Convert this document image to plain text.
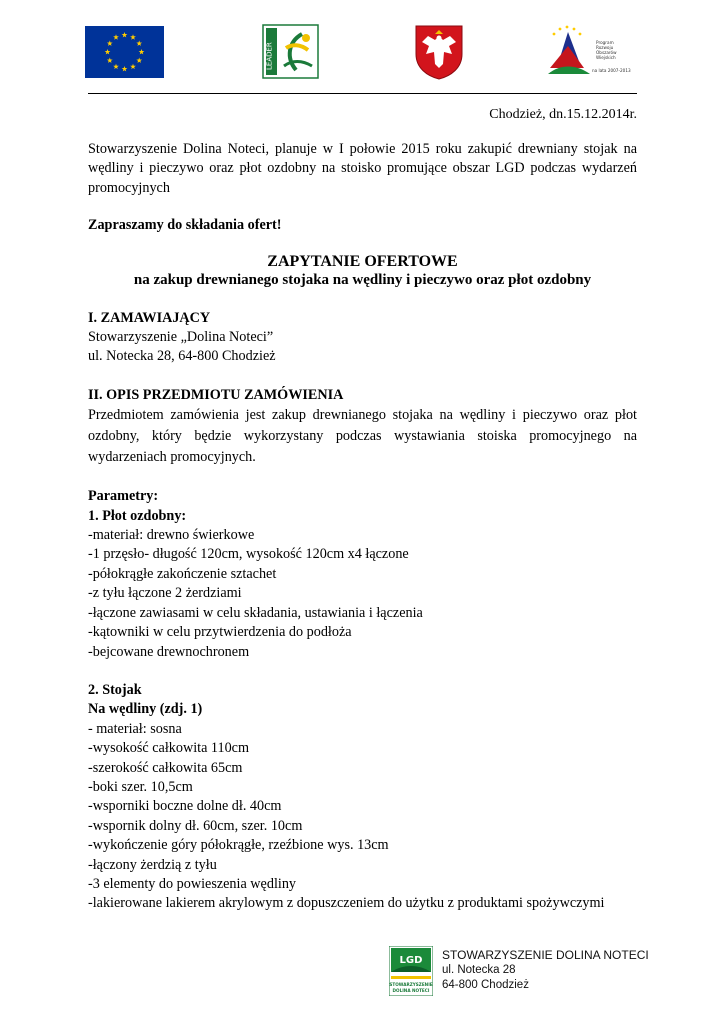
LEADER	Program
Rozwoju
Obszarów
Wiejskich
na lata 2007-2013
Chodzież, dn.15.12.2014r.

Stowarzyszenie Dolina Noteci, planuje w I połowie 2015 roku zakupić drewniany stojak na wędliny i pieczywo oraz płot ozdobny na stoisko promujące obszar LGD podczas wydarzeń promocyjnych

Zapraszamy do składania ofert!

ZAPYTANIE OFERTOWE

na zakup drewnianego stojaka na wędliny i pieczywo oraz płot ozdobny

I. ZAMAWIAJĄCY

Stowarzyszenie „Dolina Noteci”

ul. Notecka 28, 64-800 Chodzież

II. OPIS PRZEDMIOTU ZAMÓWIENIA

Przedmiotem zamówienia jest zakup drewnianego stojaka na wędliny i pieczywo oraz płot ozdobny, który będzie wykorzystany podczas wystawiania stoiska promocyjnego na wydarzeniach promocyjnych.

Parametry:

1. Płot ozdobny:

-materiał: drewno świerkowe

-1 przęsło- długość 120cm, wysokość 120cm x4 łączone

-półokrągłe zakończenie sztachet

-z tyłu łączone 2 żerdziami

-łączone zawiasami w celu składania, ustawiania i łączenia

-kątowniki w celu przytwierdzenia do podłoża

-bejcowane drewnochronem

2. Stojak

Na wędliny (zdj. 1)

- materiał: sosna

-wysokość całkowita 110cm

-szerokość całkowita 65cm

-boki szer. 10,5cm

-wsporniki boczne dolne dł. 40cm

-wspornik dolny dł. 60cm, szer. 10cm

-wykończenie góry półokrągłe, rzeźbione wys. 13cm

-łączony żerdzią z tyłu

-3 elementy do powieszenia wędliny

-lakierowane lakierem akrylowym z dopuszczeniem do użytku z produktami spożywczymi

LGD
STOWARZYSZENIE
DOLINA NOTECI
STOWARZYSZENIE DOLINA NOTECI
ul. Notecka 28
64-800 Chodzież
